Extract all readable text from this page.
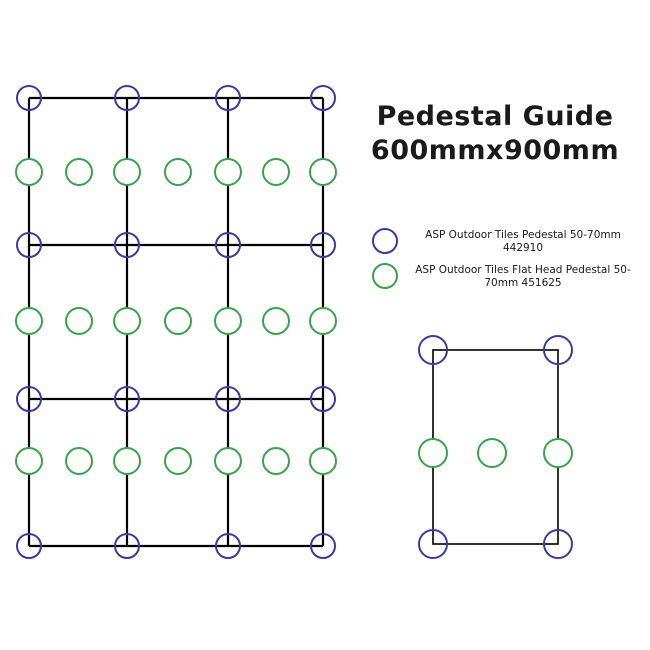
Pedestal Guide
600mmx900mm
ASP Outdoor Tiles Pedestal 50-70mm 442910
ASP Outdoor Tiles Flat Head Pedestal 50-70mm 451625
